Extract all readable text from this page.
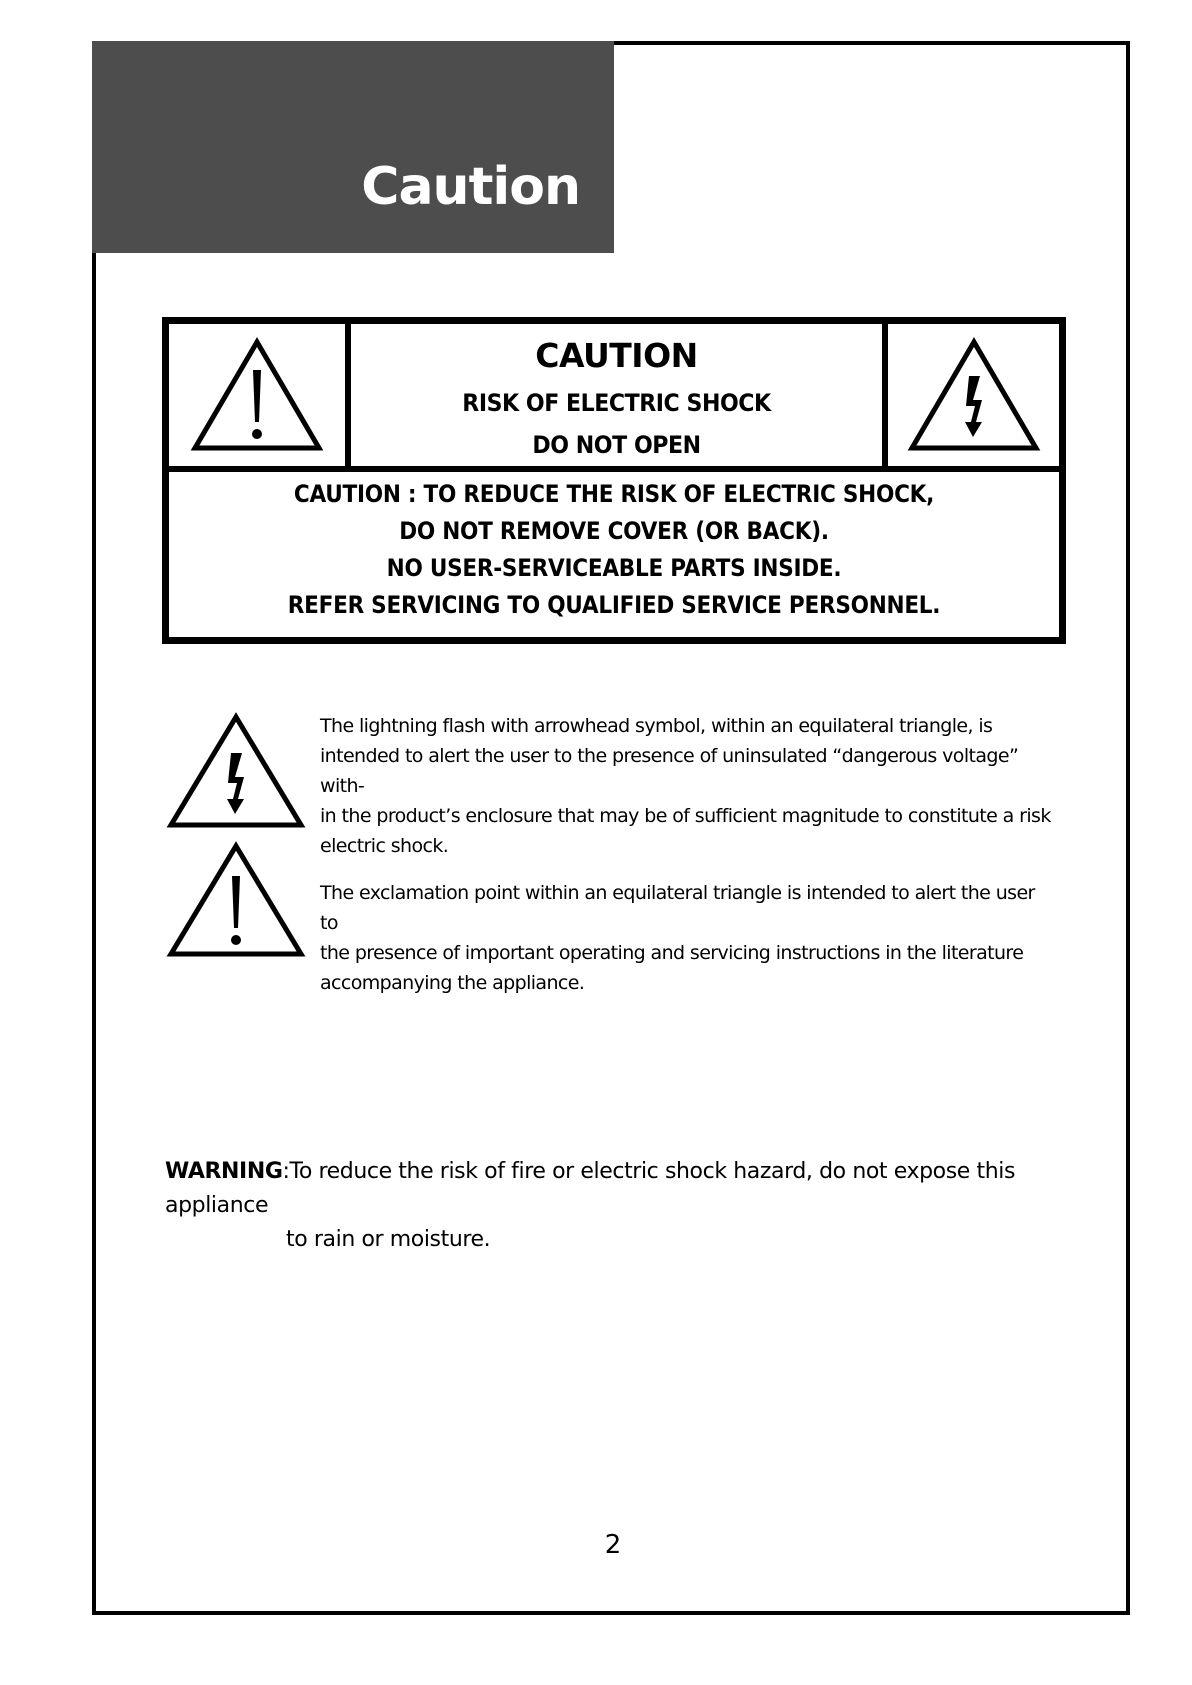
Caution
CAUTION
RISK OF ELECTRIC SHOCK
DO NOT OPEN
CAUTION : TO REDUCE THE RISK OF ELECTRIC SHOCK,
DO NOT REMOVE COVER (OR BACK).
NO USER-SERVICEABLE PARTS INSIDE.
REFER SERVICING TO QUALIFIED SERVICE PERSONNEL.
The lightning flash with arrowhead symbol, within an equilateral triangle, is
intended to alert the user to the presence of uninsulated “dangerous voltage” with-
in the product’s enclosure that may be of sufficient magnitude to constitute a risk
electric shock.
The exclamation point within an equilateral triangle is intended to alert the user to
the presence of important operating and servicing instructions in the literature
accompanying the appliance.
WARNING:To reduce the risk of fire or electric shock hazard, do not expose this appliance
to rain or moisture.
2
